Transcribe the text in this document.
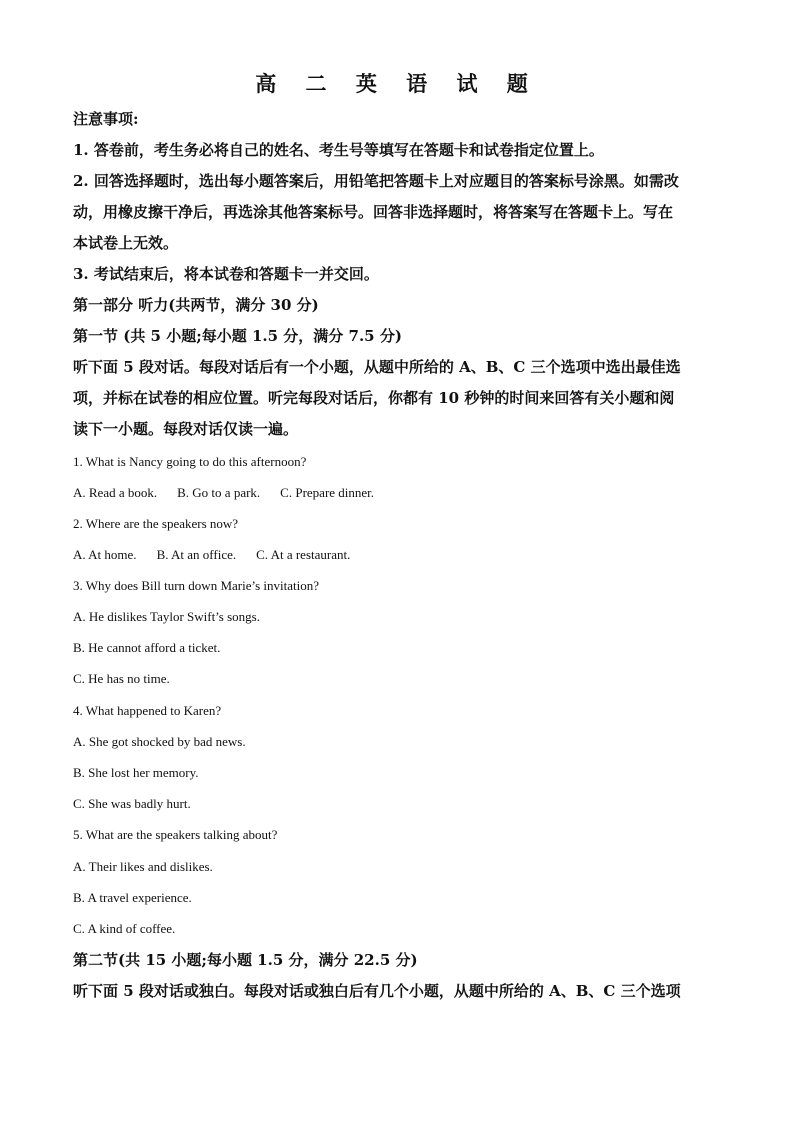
高 二 英 语 试 题
注意事项:
1. 答卷前，考生务必将自己的姓名、考生号等填写在答题卡和试卷指定位置上。
2. 回答选择题时，选出每小题答案后，用铅笔把答题卡上对应题目的答案标号涂黑。如需改
动，用橡皮擦干净后，再选涂其他答案标号。回答非选择题时，将答案写在答题卡上。写在
本试卷上无效。
3. 考试结束后，将本试卷和答题卡一并交回。
第一部分 听力(共两节，满分 30 分)
第一节 (共 5 小题;每小题 1.5 分，满分 7.5 分)
听下面 5 段对话。每段对话后有一个小题，从题中所给的 A、B、C 三个选项中选出最佳选
项，并标在试卷的相应位置。听完每段对话后，你都有 10 秒钟的时间来回答有关小题和阅
读下一小题。每段对话仅读一遍。
1. What is Nancy going to do this afternoon?
A. Read a book. B. Go to a park. C. Prepare dinner.
2. Where are the speakers now?
A. At home. B. At an office. C. At a restaurant.
3. Why does Bill turn down Marie’s invitation?
A. He dislikes Taylor Swift’s songs.
B. He cannot afford a ticket.
C. He has no time.
4. What happened to Karen?
A. She got shocked by bad news.
B. She lost her memory.
C. She was badly hurt.
5. What are the speakers talking about?
A. Their likes and dislikes.
B. A travel experience.
C. A kind of coffee.
第二节(共 15 小题;每小题 1.5 分，满分 22.5 分)
听下面 5 段对话或独白。每段对话或独白后有几个小题，从题中所给的 A、B、C 三个选项
